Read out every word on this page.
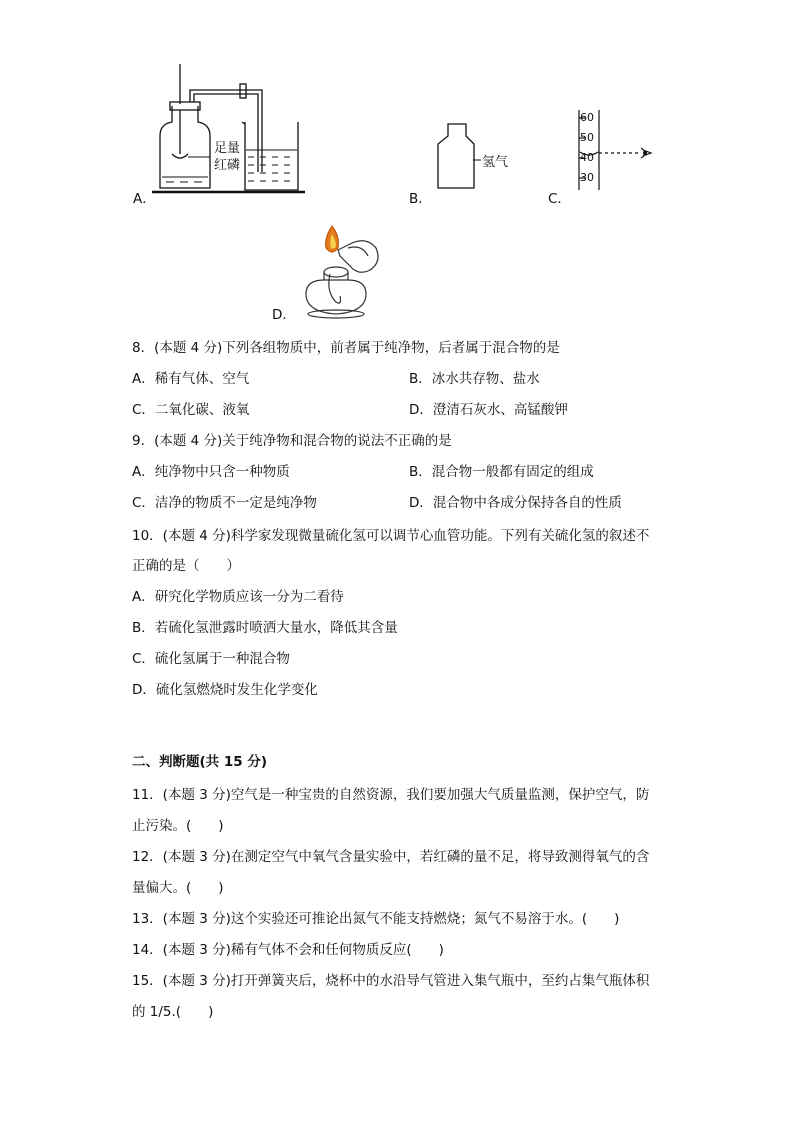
足量
红磷
A．
氢气
B．
60
50
40
30
C．
D．
8．(本题 4 分)下列各组物质中，前者属于纯净物，后者属于混合物的是
A．稀有气体、空气	B．冰水共存物、盐水
C．二氧化碳、液氧	D．澄清石灰水、高锰酸钾
9．(本题 4 分)关于纯净物和混合物的说法不正确的是
A．纯净物中只含一种物质	B．混合物一般都有固定的组成
C．洁净的物质不一定是纯净物	D．混合物中各成分保持各自的性质
10．(本题 4 分)科学家发现微量硫化氢可以调节心血管功能。下列有关硫化氢的叙述不
正确的是（　　）
A．研究化学物质应该一分为二看待
B．若硫化氢泄露时喷洒大量水，降低其含量
C．硫化氢属于一种混合物
D．硫化氢燃烧时发生化学变化
二、判断题(共 15 分)
11．(本题 3 分)空气是一种宝贵的自然资源，我们要加强大气质量监测，保护空气，防
止污染。(　　)
12．(本题 3 分)在测定空气中氧气含量实验中，若红磷的量不足，将导致测得氧气的含
量偏大。(　　)
13．(本题 3 分)这个实验还可推论出氮气不能支持燃烧；氮气不易溶于水。(　　)
14．(本题 3 分)稀有气体不会和任何物质反应(　　)
15．(本题 3 分)打开弹簧夹后，烧杯中的水沿导气管进入集气瓶中，至约占集气瓶体积
的 1/5.(　　)
